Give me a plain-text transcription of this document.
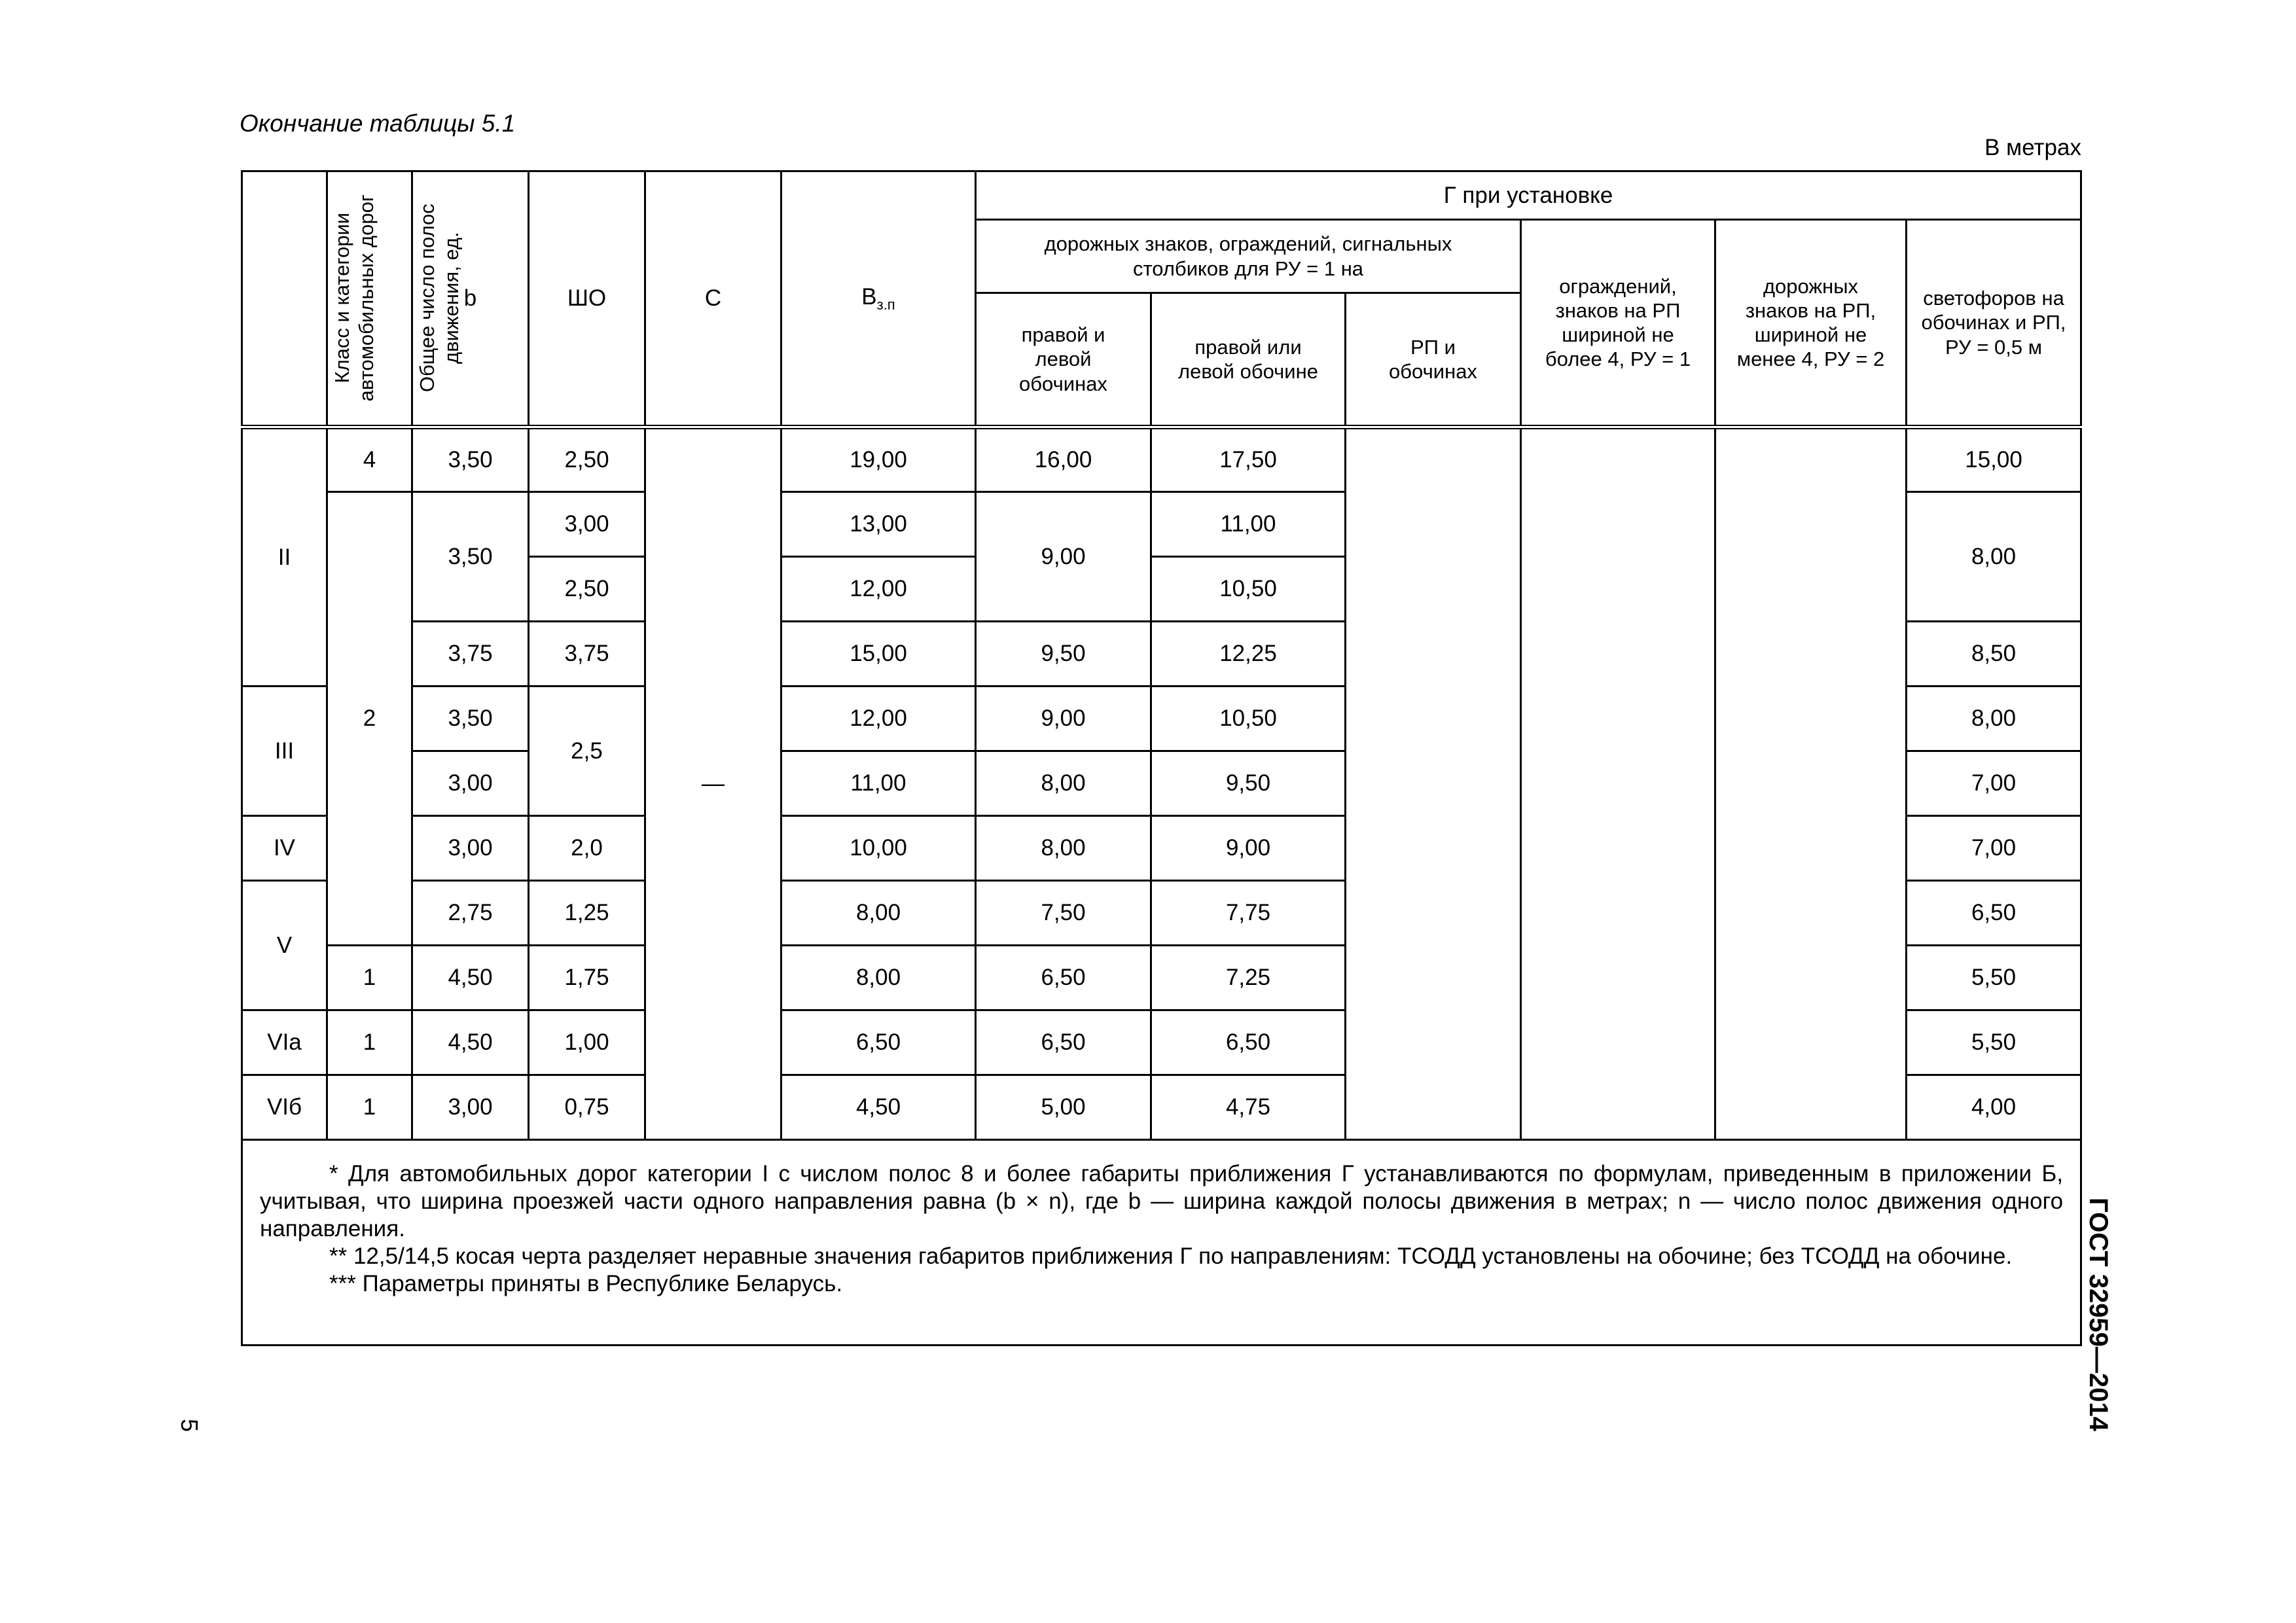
Окончание таблицы 5.1
В метрах
Класс и категории автомобильных дорог	Общее число полос движения, ед.	b	ШО	С	$В_{з.п}$	Г при установке					
						дорожных знаков, ограждений, сигнальных столбиков для РУ = 1 на			ограждений, знаков на РП шириной не более 4, РУ = 1	дорожных знаков на РП, шириной не менее 4, РУ = 2	светофоров на обочинах и РП, РУ = 0,5 м
						правой и левой обочинах	правой или левой обочине	РП и обочинах			
II	4	3,50	2,50	—	19,00	16,00	17,50				15,00
	2	3,50	3,00		13,00	9,00	11,00				8,00
			2,50		12,00		10,50				
		3,75	3,75		15,00	9,50	12,25				8,50
III		3,50	2,5		12,00	9,00	10,50				8,00
		3,00			11,00	8,00	9,50				7,00
IV		3,00	2,0		10,00	8,00	9,00				7,00
V		2,75	1,25		8,00	7,50	7,75				6,50
	1	4,50	1,75		8,00	6,50	7,25				5,50
VIa	1	4,50	1,00		6,50	6,50	6,50				5,50
VIб	1	3,00	0,75		4,50	5,00	4,75				4,00

* Для автомобильных дорог категории I с числом полос 8 и более габариты приближения Г устанавливаются по формулам, приведенным в приложении Б, учитывая, что ширина проезжей части одного направления равна (b × n), где b — ширина каждой полосы движения в метрах; n — число полос движения одного направления.

** 12,5/14,5 косая черта разделяет неравные значения габаритов приближения Г по направлениям: ТСОДД установлены на обочине; без ТСОДД на обочине.

*** Параметры приняты в Республике Беларусь.												ГОСТ 32959—2014
5
